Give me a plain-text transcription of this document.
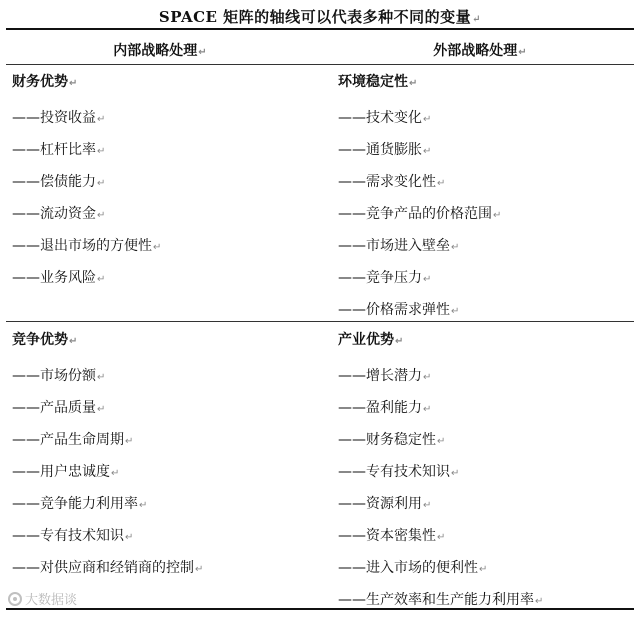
SPACE 矩阵的轴线可以代表多种不同的变量↵
内部战略处理↵	外部战略处理↵
财务优势↵
——投资收益↵
——杠杆比率↵
——偿债能力↵
——流动资金↵
——退出市场的方便性↵
——业务风险↵
环境稳定性↵
——技术变化↵
——通货膨胀↵
——需求变化性↵
——竞争产品的价格范围↵
——市场进入壁垒↵
——竞争压力↵
——价格需求弹性↵
竞争优势↵
——市场份额↵
——产品质量↵
——产品生命周期↵
——用户忠诚度↵
——竞争能力利用率↵
——专有技术知识↵
——对供应商和经销商的控制↵
产业优势↵
——增长潜力↵
——盈利能力↵
——财务稳定性↵
——专有技术知识↵
——资源利用↵
——资本密集性↵
——进入市场的便利性↵
——生产效率和生产能力利用率↵
大数据谈
